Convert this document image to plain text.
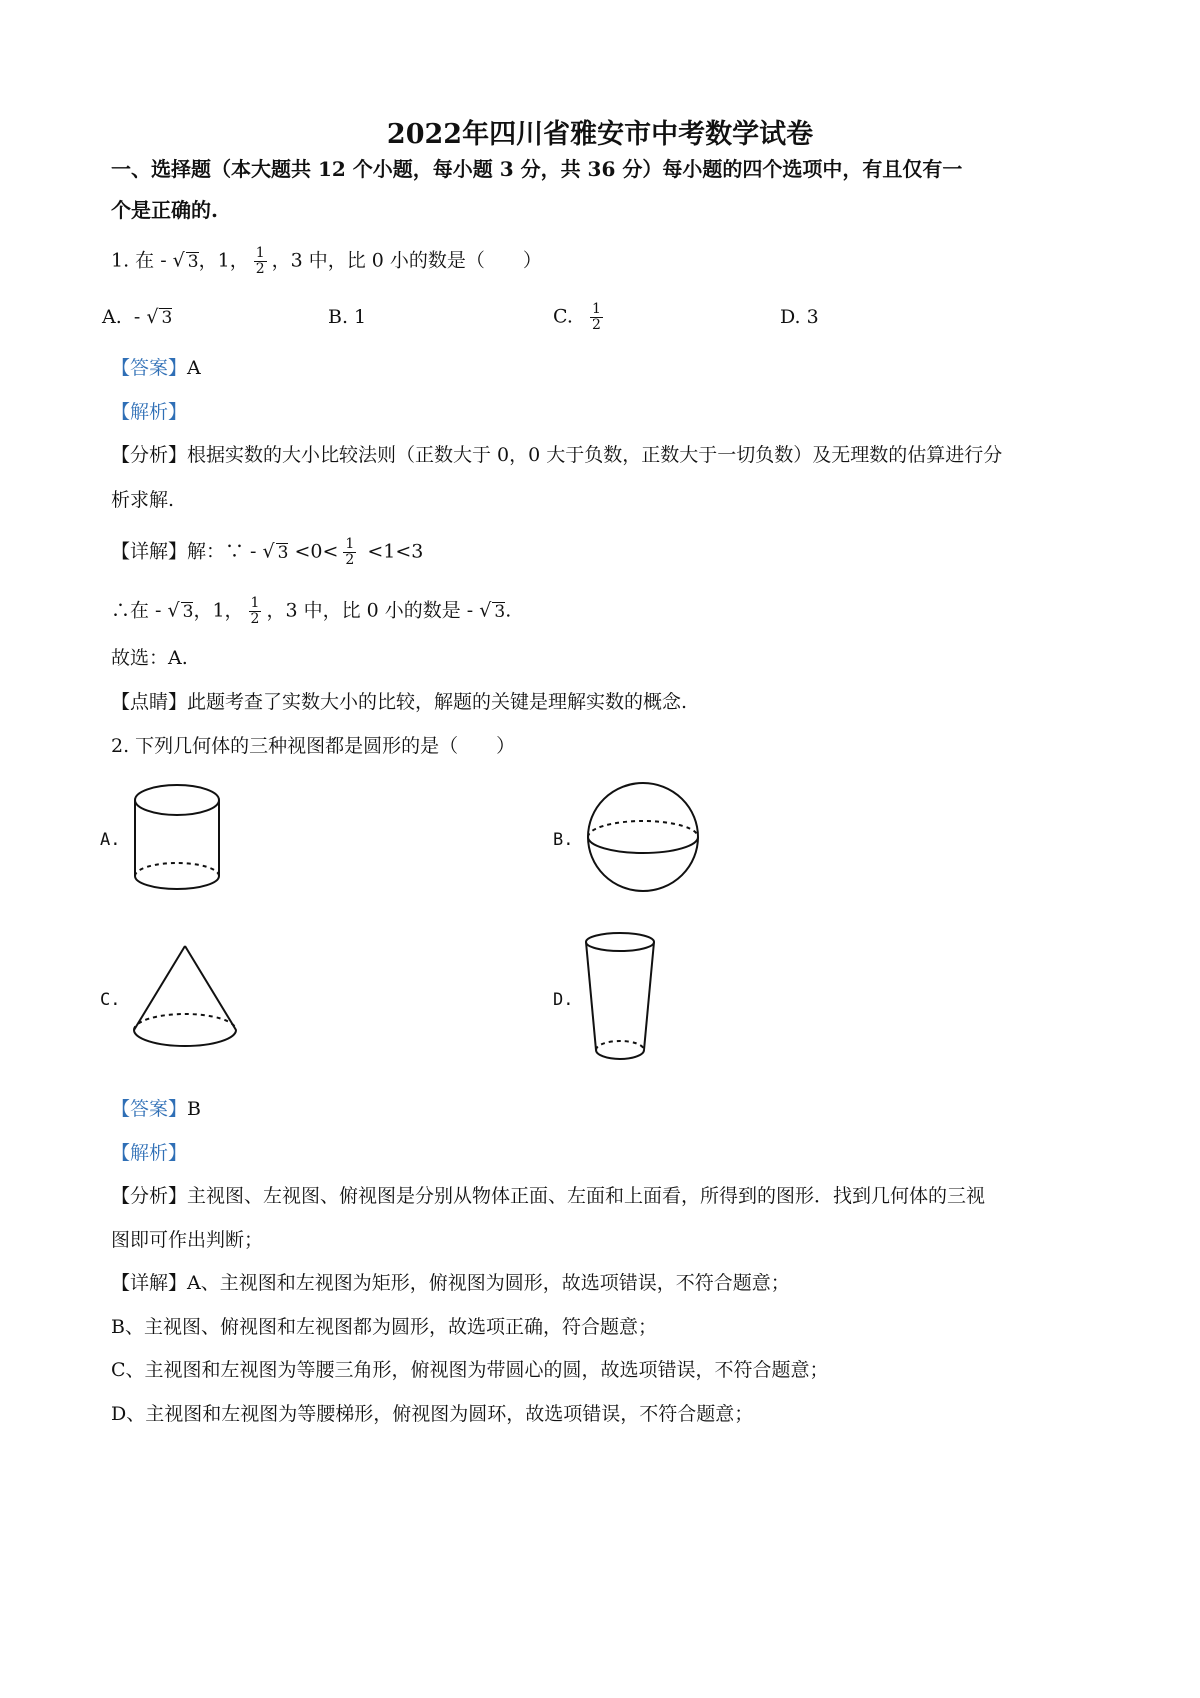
2022年四川省雅安市中考数学试卷
一、选择题（本大题共 12 个小题，每小题 3 分，共 36 分）每小题的四个选项中，有且仅有一
个是正确的.
1. 在 - √ 3，1， $\frac{1}{2}$ ，3 中，比 0 小的数是（　　）
A. - √ 3	B. 1	C. $\frac{1}{2}$	D. 3
【答案】A
【解析】
【分析】根据实数的大小比较法则（正数大于 0，0 大于负数，正数大于一切负数）及无理数的估算进行分
析求解.
【详解】解：∵ - √ $3 <0< \frac{1}{2} <1<3$
∴在 - √ 3，1， $\frac{1}{2}$ ，3 中，比 0 小的数是 - √ 3.
故选：A.
【点睛】此题考查了实数大小的比较，解题的关键是理解实数的概念.
2. 下列几何体的三种视图都是圆形的是（　　）
A.	B.
C.	D.
【答案】B
【解析】
【分析】主视图、左视图、俯视图是分别从物体正面、左面和上面看，所得到的图形．找到几何体的三视
图即可作出判断；
【详解】A、主视图和左视图为矩形，俯视图为圆形，故选项错误，不符合题意；
B、主视图、俯视图和左视图都为圆形，故选项正确，符合题意；
C、主视图和左视图为等腰三角形，俯视图为带圆心的圆，故选项错误，不符合题意；
D、主视图和左视图为等腰梯形，俯视图为圆环，故选项错误，不符合题意；
